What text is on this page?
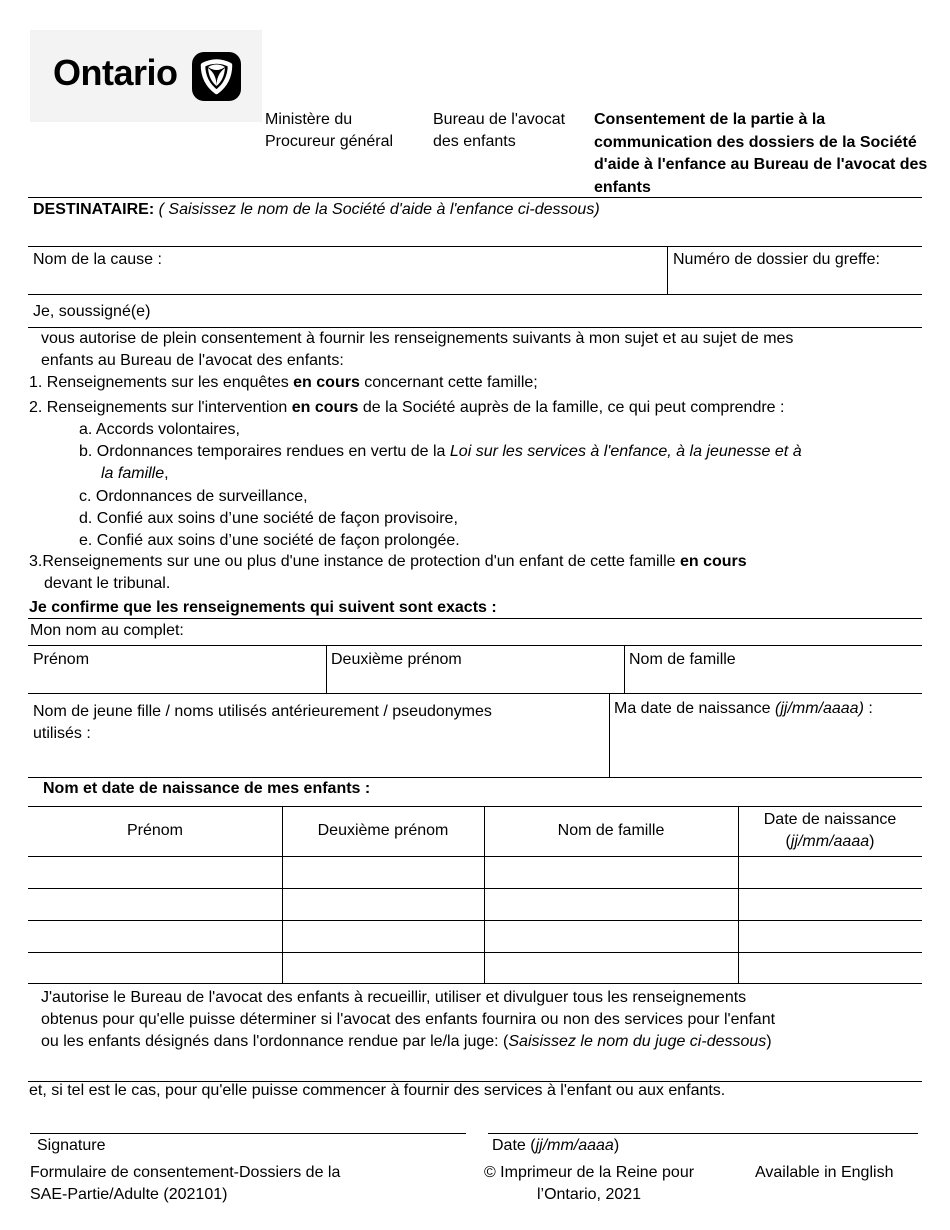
Ontario
Ministère du
Procureur général
Bureau de l'avocat
des enfants
Consentement de la partie à la communication des dossiers de la Société d'aide à l'enfance au Bureau de l'avocat des enfants
DESTINATAIRE: ( Saisissez le nom de la Société d'aide à l'enfance ci-dessous)
Nom de la cause :	Numéro de dossier du greffe:
Je, soussigné(e)
vous autorise de plein consentement à fournir les renseignements suivants à mon sujet et au sujet de mes
enfants au Bureau de l'avocat des enfants:
1. Renseignements sur les enquêtes en cours concernant cette famille;
2. Renseignements sur l'intervention en cours de la Société auprès de la famille, ce qui peut comprendre :
a. Accords volontaires,
b. Ordonnances temporaires rendues en vertu de la Loi sur les services à l'enfance, à la jeunesse et à
la famille,
c. Ordonnances de surveillance,
d. Confié aux soins d’une société de façon provisoire,
e. Confié aux soins d’une société de façon prolongée.
3.Renseignements sur une ou plus d'une instance de protection d'un enfant de cette famille en cours
devant le tribunal.
Je confirme que les renseignements qui suivent sont exacts :
Mon nom au complet:
Prénom	Deuxième prénom	Nom de famille
Nom de jeune fille / noms utilisés antérieurement / pseudonymes
utilisés :
Ma date de naissance (jj/mm/aaaa) :
Nom et date de naissance de mes enfants :
Prénom	Deuxième prénom	Nom de famille
Date de naissance
(jj/mm/aaaa)
J'autorise le Bureau de l'avocat des enfants à recueillir, utiliser et divulguer tous les renseignements
obtenus pour qu'elle puisse déterminer si l'avocat des enfants fournira ou non des services pour l'enfant
ou les enfants désignés dans l'ordonnance rendue par le/la juge: (Saisissez le nom du juge ci-dessous)
et, si tel est le cas, pour qu'elle puisse commencer à fournir des services à l'enfant ou aux enfants.
Signature	Date (jj/mm/aaaa)
Formulaire de consentement-Dossiers de la
SAE-Partie/Adulte (202101)
© Imprimeur de la Reine pour
l’Ontario, 2021
Available in English
